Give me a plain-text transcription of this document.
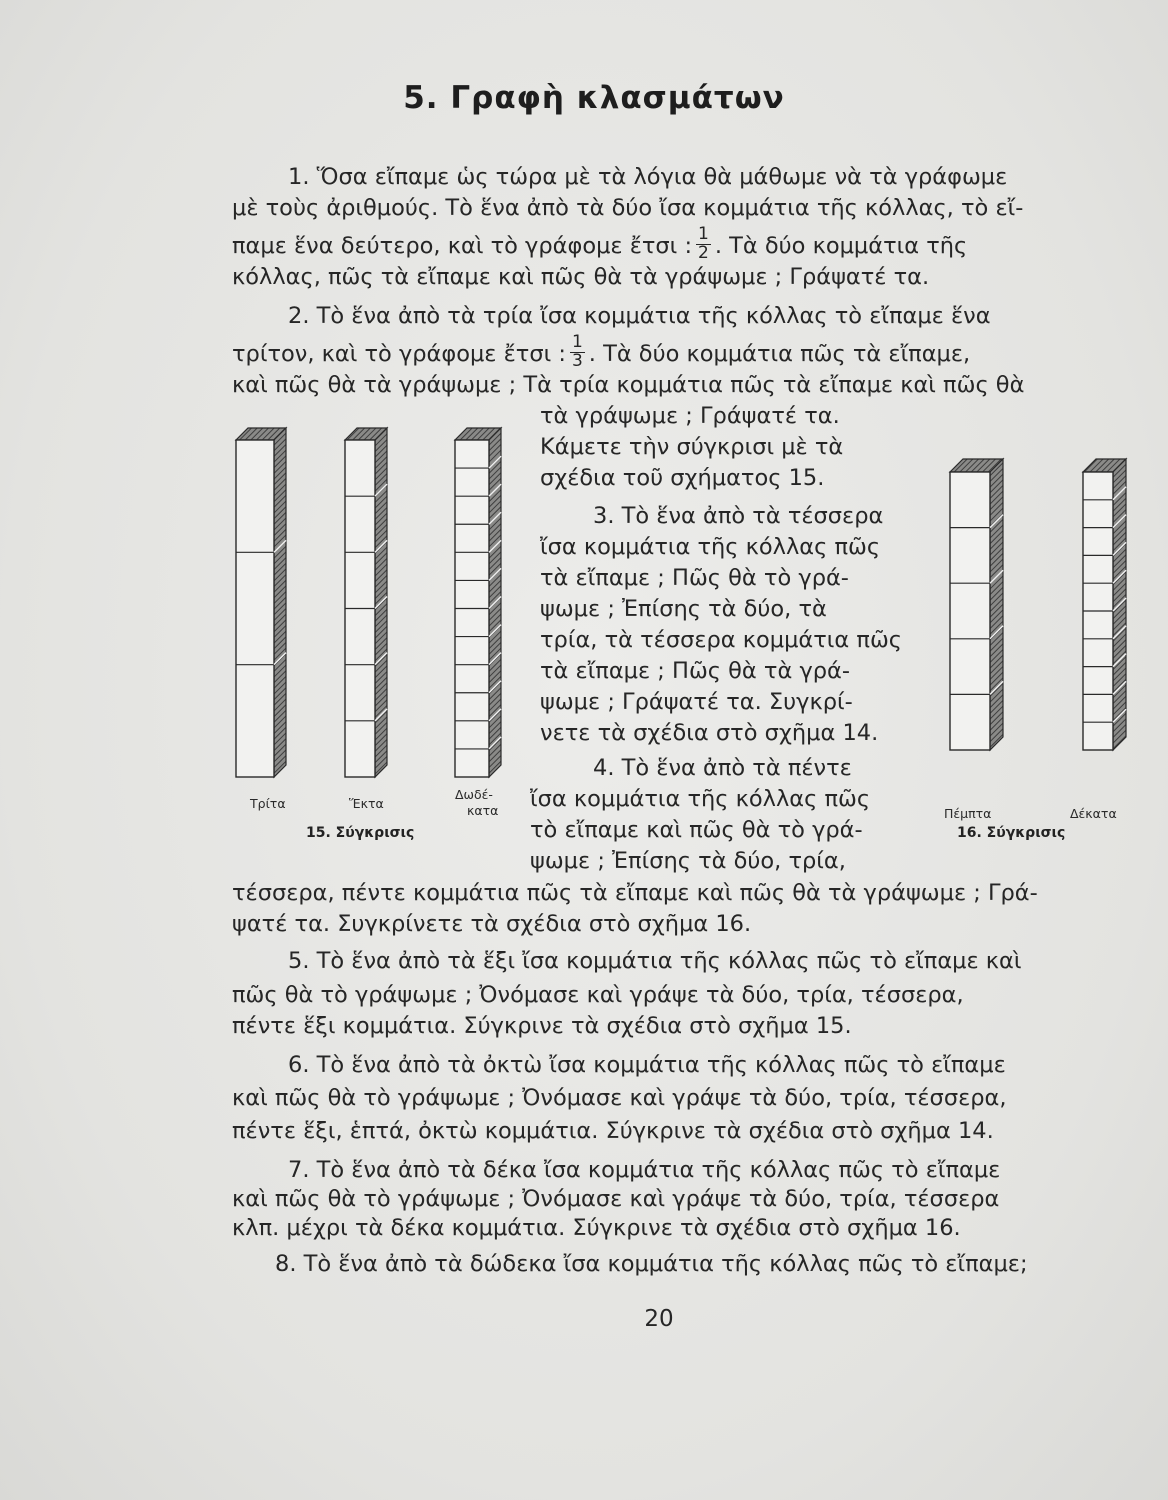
5. Γραφὴ κλασμάτων
1. Ὅσα εἴπαμε ὡς τώρα μὲ τὰ λόγια θὰ μάθωμε νὰ τὰ γράφωμε
μὲ τοὺς ἀριθμούς. Τὸ ἕνα ἀπὸ τὰ δύο ἴσα κομμάτια τῆς κόλλας, τὸ εἴ-
παμε ἕνα δεύτερο, καὶ τὸ γράφομε ἔτσι : $\frac{1}{2}$ . Τὰ δύο κομμάτια τῆς
κόλλας, πῶς τὰ εἴπαμε καὶ πῶς θὰ τὰ γράψωμε ; Γράψατέ τα.
2. Τὸ ἕνα ἀπὸ τὰ τρία ἴσα κομμάτια τῆς κόλλας τὸ εἴπαμε ἕνα
τρίτον, καὶ τὸ γράφομε ἔτσι : $\frac{1}{3}$ . Τὰ δύο κομμάτια πῶς τὰ εἴπαμε,
καὶ πῶς θὰ τὰ γράψωμε ; Τὰ τρία κομμάτια πῶς τὰ εἴπαμε καὶ πῶς θὰ
τὰ γράψωμε ; Γράψατέ τα.
Κάμετε τὴν σύγκρισι μὲ τὰ
σχέδια τοῦ σχήματος 15.
3. Τὸ ἕνα ἀπὸ τὰ τέσσερα
ἴσα κομμάτια τῆς κόλλας πῶς
τὰ εἴπαμε ; Πῶς θὰ τὸ γρά-
ψωμε ; Ἐπίσης τὰ δύο, τὰ
τρία, τὰ τέσσερα κομμάτια πῶς
τὰ εἴπαμε ; Πῶς θὰ τὰ γρά-
ψωμε ; Γράψατέ τα. Συγκρί-
νετε τὰ σχέδια στὸ σχῆμα 14.
4. Τὸ ἕνα ἀπὸ τὰ πέντε
ἴσα κομμάτια τῆς κόλλας πῶς
τὸ εἴπαμε καὶ πῶς θὰ τὸ γρά-
ψωμε ; Ἐπίσης τὰ δύο, τρία,
τέσσερα, πέντε κομμάτια πῶς τὰ εἴπαμε καὶ πῶς θὰ τὰ γράψωμε ; Γρά-
ψατέ τα. Συγκρίνετε τὰ σχέδια στὸ σχῆμα 16.
5. Τὸ ἕνα ἀπὸ τὰ ἕξι ἴσα κομμάτια τῆς κόλλας πῶς τὸ εἴπαμε καὶ
πῶς θὰ τὸ γράψωμε ; Ὀνόμασε καὶ γράψε τὰ δύο, τρία, τέσσερα,
πέντε ἕξι κομμάτια. Σύγκρινε τὰ σχέδια στὸ σχῆμα 15.
6. Τὸ ἕνα ἀπὸ τὰ ὀκτὼ ἴσα κομμάτια τῆς κόλλας πῶς τὸ εἴπαμε
καὶ πῶς θὰ τὸ γράψωμε ; Ὀνόμασε καὶ γράψε τὰ δύο, τρία, τέσσερα,
πέντε ἕξι, ἑπτά, ὀκτὼ κομμάτια. Σύγκρινε τὰ σχέδια στὸ σχῆμα 14.
7. Τὸ ἕνα ἀπὸ τὰ δέκα ἴσα κομμάτια τῆς κόλλας πῶς τὸ εἴπαμε
καὶ πῶς θὰ τὸ γράψωμε ; Ὀνόμασε καὶ γράψε τὰ δύο, τρία, τέσσερα
κλπ. μέχρι τὰ δέκα κομμάτια. Σύγκρινε τὰ σχέδια στὸ σχῆμα 16.
8. Τὸ ἕνα ἀπὸ τὰ δώδεκα ἴσα κομμάτια τῆς κόλλας πῶς τὸ εἴπαμε;
Τρίτα	Ἕκτα
Δωδέ-
κατα
15. Σύγκρισις
Πέμπτα	Δέκατα
16. Σύγκρισις
20
